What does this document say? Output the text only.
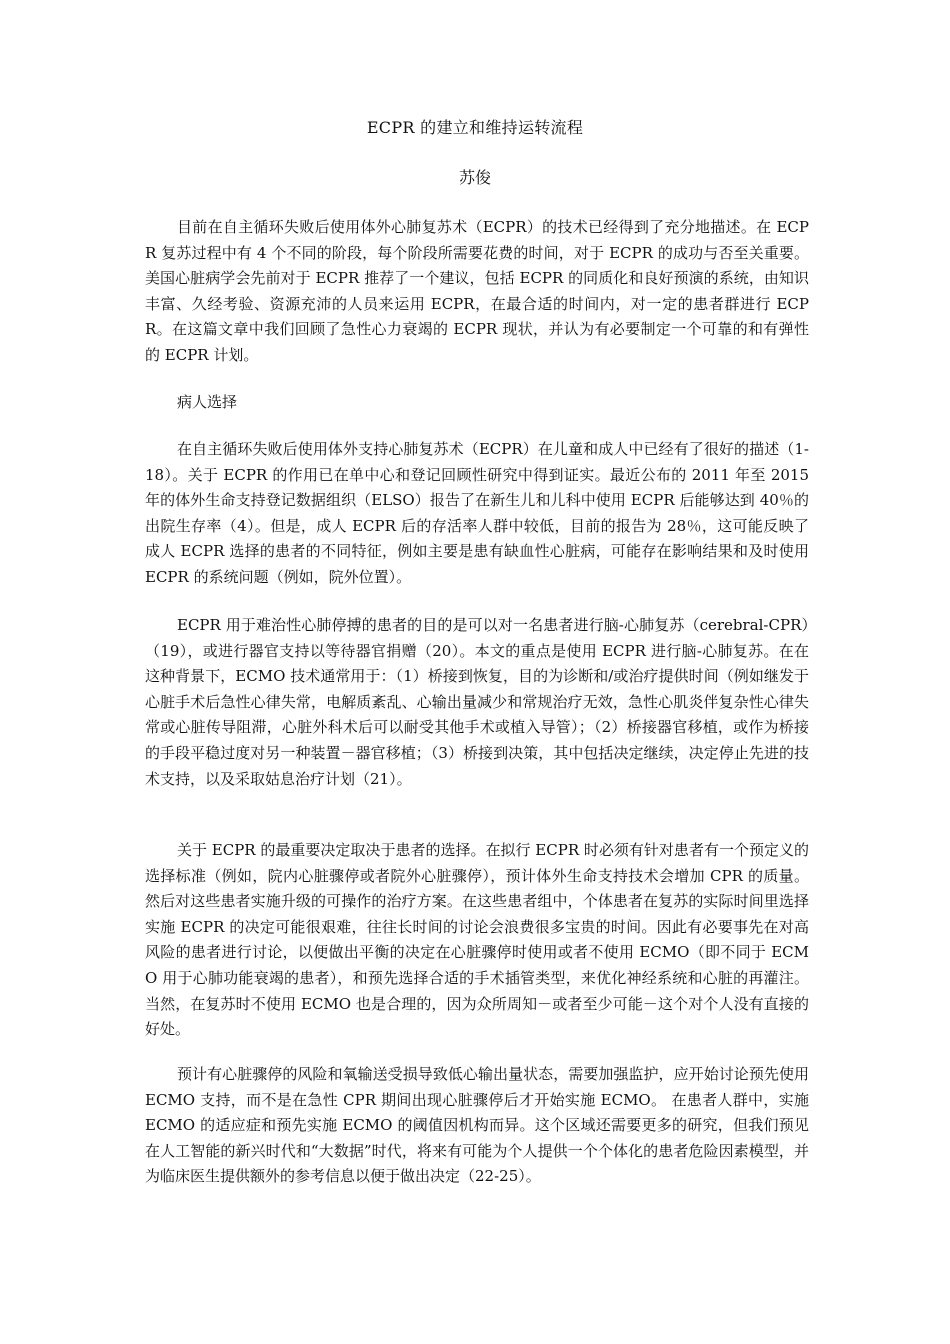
ECPR 的建立和维持运转流程
苏俊

目前在自主循环失败后使用体外心肺复苏术（ECPR）的技术已经得到了充分地描述。在 ECPR 复苏过程中有 4 个不同的阶段，每个阶段所需要花费的时间，对于 ECPR 的成功与否至关重要。美国心脏病学会先前对于 ECPR 推荐了一个建议，包括 ECPR 的同质化和良好预演的系统，由知识丰富、久经考验、资源充沛的人员来运用 ECPR，在最合适的时间内，对一定的患者群进行 ECPR。在这篇文章中我们回顾了急性心力衰竭的 ECPR 现状，并认为有必要制定一个可靠的和有弹性的 ECPR 计划。

病人选择

在自主循环失败后使用体外支持心肺复苏术（ECPR）在儿童和成人中已经有了很好的描述（1-18）。关于 ECPR 的作用已在单中心和登记回顾性研究中得到证实。最近公布的 2011 年至 2015 年的体外生命支持登记数据组织（ELSO）报告了在新生儿和儿科中使用 ECPR 后能够达到 40％的出院生存率（4）。但是，成人 ECPR 后的存活率人群中较低，目前的报告为 28％，这可能反映了成人 ECPR 选择的患者的不同特征，例如主要是患有缺血性心脏病，可能存在影响结果和及时使用 ECPR 的系统问题（例如，院外位置）。

ECPR 用于难治性心肺停搏的患者的目的是可以对一名患者进行脑-心肺复苏（cerebral-CPR）（19），或进行器官支持以等待器官捐赠（20）。本文的重点是使用 ECPR 进行脑-心肺复苏。在在这种背景下，ECMO 技术通常用于：（1）桥接到恢复，目的为诊断和/或治疗提供时间（例如继发于心脏手术后急性心律失常，电解质紊乱、心输出量减少和常规治疗无效，急性心肌炎伴复杂性心律失常或心脏传导阻滞，心脏外科术后可以耐受其他手术或植入导管）；（2）桥接器官移植，或作为桥接的手段平稳过度对另一种装置－器官移植；（3）桥接到决策，其中包括决定继续，决定停止先进的技术支持，以及采取姑息治疗计划（21）。

关于 ECPR 的最重要决定取决于患者的选择。在拟行 ECPR 时必须有针对患者有一个预定义的选择标准（例如，院内心脏骤停或者院外心脏骤停），预计体外生命支持技术会增加 CPR 的质量。然后对这些患者实施升级的可操作的治疗方案。在这些患者组中，个体患者在复苏的实际时间里选择实施 ECPR 的决定可能很艰难，往往长时间的讨论会浪费很多宝贵的时间。因此有必要事先在对高风险的患者进行讨论，以便做出平衡的决定在心脏骤停时使用或者不使用 ECMO（即不同于 ECMO 用于心肺功能衰竭的患者），和预先选择合适的手术插管类型，来优化神经系统和心脏的再灌注。当然，在复苏时不使用 ECMO 也是合理的，因为众所周知－或者至少可能－这个对个人没有直接的好处。

预计有心脏骤停的风险和氧输送受损导致低心输出量状态，需要加强监护，应开始讨论预先使用 ECMO 支持，而不是在急性 CPR 期间出现心脏骤停后才开始实施 ECMO。 在患者人群中，实施 ECMO 的适应症和预先实施 ECMO 的阈值因机构而异。这个区域还需要更多的研究，但我们预见在人工智能的新兴时代和“大数据”时代，将来有可能为个人提供一个个体化的患者危险因素模型，并为临床医生提供额外的参考信息以便于做出决定（22-25）。
